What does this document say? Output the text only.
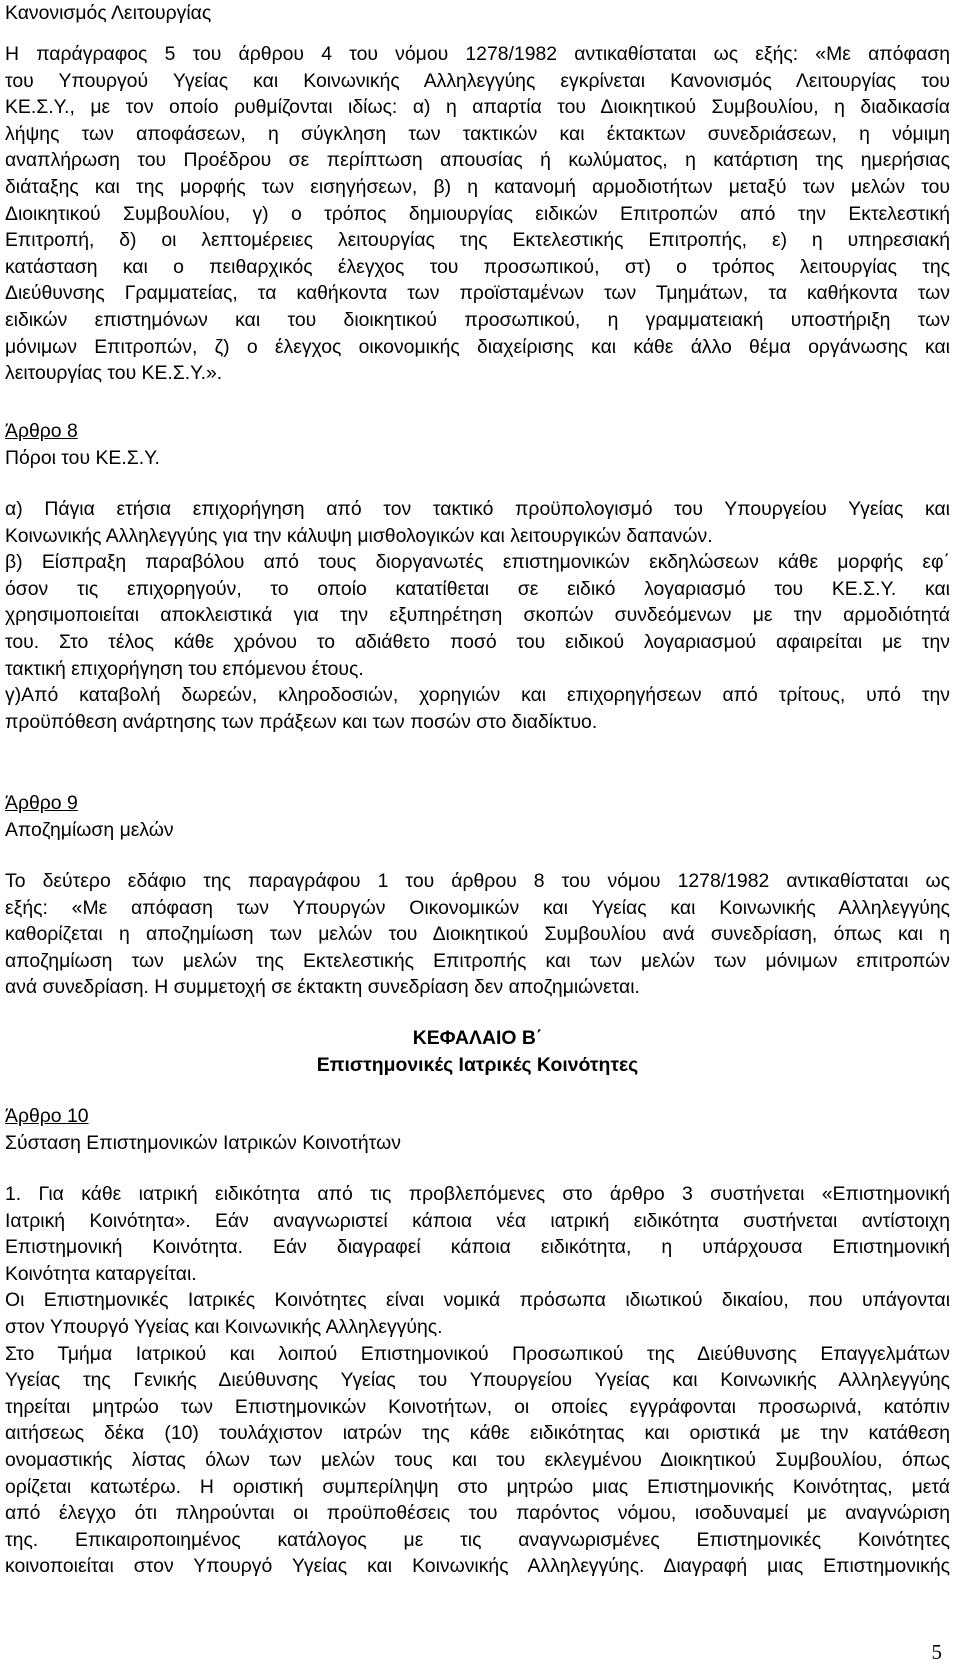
Κανονισμός Λειτουργίας
Η παράγραφος 5 του άρθρου 4 του νόμου 1278/1982 αντικαθίσταται ως εξής: «Με απόφαση
του Υπουργού Υγείας και Κοινωνικής Αλληλεγγύης εγκρίνεται Κανονισμός Λειτουργίας του
ΚΕ.Σ.Υ., με τον οποίο ρυθμίζονται ιδίως: α) η απαρτία του Διοικητικού Συμβουλίου, η διαδικασία
λήψης των αποφάσεων, η σύγκληση των τακτικών και έκτακτων συνεδριάσεων, η νόμιμη
αναπλήρωση του Προέδρου σε περίπτωση απουσίας ή κωλύματος, η κατάρτιση της ημερήσιας
διάταξης και της μορφής των εισηγήσεων, β) η κατανομή αρμοδιοτήτων μεταξύ των μελών του
Διοικητικού Συμβουλίου, γ) ο τρόπος δημιουργίας ειδικών Επιτροπών από την Εκτελεστική
Επιτροπή, δ) οι λεπτομέρειες λειτουργίας της Εκτελεστικής Επιτροπής, ε) η υπηρεσιακή
κατάσταση και ο πειθαρχικός έλεγχος του προσωπικού, στ) ο τρόπος λειτουργίας της
Διεύθυνσης Γραμματείας, τα καθήκοντα των προϊσταμένων των Τμημάτων, τα καθήκοντα των
ειδικών επιστημόνων και του διοικητικού προσωπικού, η γραμματειακή υποστήριξη των
μόνιμων Επιτροπών, ζ) ο έλεγχος οικονομικής διαχείρισης και κάθε άλλο θέμα οργάνωσης και
λειτουργίας του ΚΕ.Σ.Υ.».
Άρθρο 8
Πόροι του ΚΕ.Σ.Υ.
α) Πάγια ετήσια επιχορήγηση από τον τακτικό προϋπολογισμό του Υπουργείου Υγείας και
Κοινωνικής Αλληλεγγύης για την κάλυψη μισθολογικών και λειτουργικών δαπανών.
β) Είσπραξη παραβόλου από τους διοργανωτές επιστημονικών εκδηλώσεων κάθε μορφής εφ΄
όσον τις επιχορηγούν, το οποίο κατατίθεται σε ειδικό λογαριασμό του ΚΕ.Σ.Υ. και
χρησιμοποιείται αποκλειστικά για την εξυπηρέτηση σκοπών συνδεόμενων με την αρμοδιότητά
του. Στο τέλος κάθε χρόνου το αδιάθετο ποσό του ειδικού λογαριασμού αφαιρείται με την
τακτική επιχορήγηση του επόμενου έτους.
γ)Από καταβολή δωρεών, κληροδοσιών, χορηγιών και επιχορηγήσεων από τρίτους, υπό την
προϋπόθεση ανάρτησης των πράξεων και των ποσών στο διαδίκτυο.
Άρθρο 9
Αποζημίωση μελών
Το δεύτερο εδάφιο της παραγράφου 1 του άρθρου 8 του νόμου 1278/1982 αντικαθίσταται ως
εξής: «Με απόφαση των Υπουργών Οικονομικών και Υγείας και Κοινωνικής Αλληλεγγύης
καθορίζεται η αποζημίωση των μελών του Διοικητικού Συμβουλίου ανά συνεδρίαση, όπως και η
αποζημίωση των μελών της Εκτελεστικής Επιτροπής και των μελών των μόνιμων επιτροπών
ανά συνεδρίαση. Η συμμετοχή σε έκτακτη συνεδρίαση δεν αποζημιώνεται.
ΚΕΦΑΛΑΙΟ Β΄
Επιστημονικές Ιατρικές Κοινότητες
Άρθρο 10
Σύσταση Επιστημονικών Ιατρικών Κοινοτήτων
1. Για κάθε ιατρική ειδικότητα από τις προβλεπόμενες στο άρθρο 3 συστήνεται «Επιστημονική
Ιατρική Κοινότητα». Εάν αναγνωριστεί κάποια νέα ιατρική ειδικότητα συστήνεται αντίστοιχη
Επιστημονική Κοινότητα. Εάν διαγραφεί κάποια ειδικότητα, η υπάρχουσα Επιστημονική
Κοινότητα καταργείται.
Οι Επιστημονικές Ιατρικές Κοινότητες είναι νομικά πρόσωπα ιδιωτικού δικαίου, που υπάγονται
στον Υπουργό Υγείας και Κοινωνικής Αλληλεγγύης.
Στο Τμήμα Ιατρικού και λοιπού Επιστημονικού Προσωπικού της Διεύθυνσης Επαγγελμάτων
Υγείας της Γενικής Διεύθυνσης Υγείας του Υπουργείου Υγείας και Κοινωνικής Αλληλεγγύης
τηρείται μητρώο των Επιστημονικών Κοινοτήτων, οι οποίες εγγράφονται προσωρινά, κατόπιν
αιτήσεως δέκα (10) τουλάχιστον ιατρών της κάθε ειδικότητας και οριστικά με την κατάθεση
ονομαστικής λίστας όλων των μελών τους και του εκλεγμένου Διοικητικού Συμβουλίου, όπως
ορίζεται κατωτέρω. Η οριστική συμπερίληψη στο μητρώο μιας Επιστημονικής Κοινότητας, μετά
από έλεγχο ότι πληρούνται οι προϋποθέσεις του παρόντος νόμου, ισοδυναμεί με αναγνώριση
της. Επικαιροποιημένος κατάλογος με τις αναγνωρισμένες Επιστημονικές Κοινότητες
κοινοποιείται στον Υπουργό Υγείας και Κοινωνικής Αλληλεγγύης. Διαγραφή μιας Επιστημονικής
5
